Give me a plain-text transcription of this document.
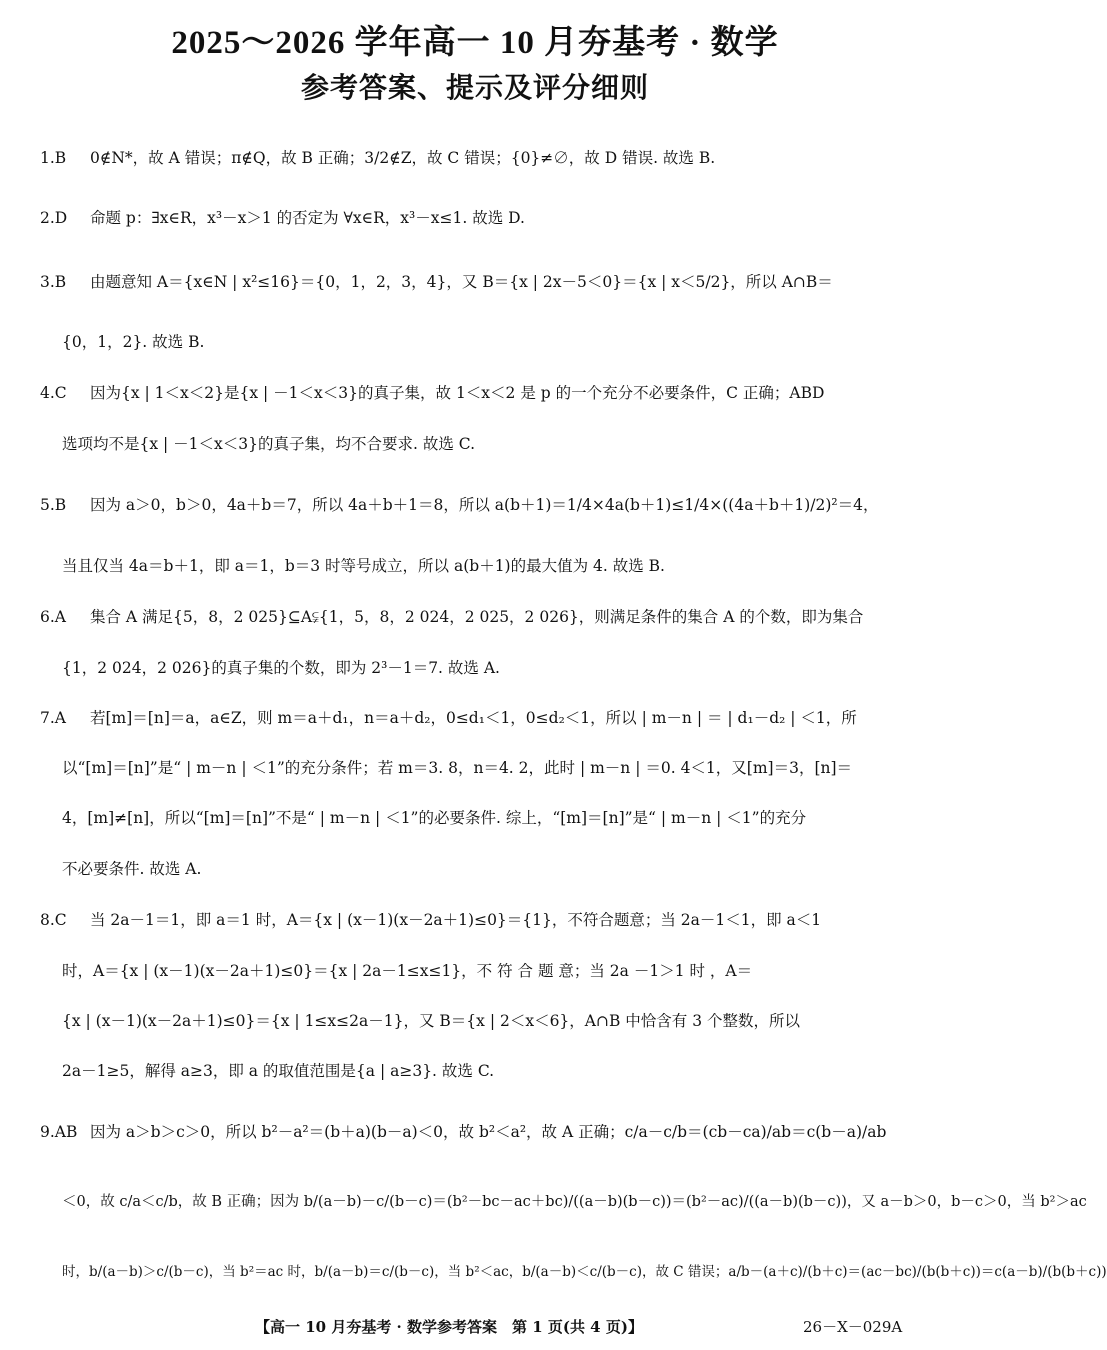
2025～2026 学年高一 10 月夯基考 · 数学
参考答案、提示及评分细则
1.B 0∉N*，故 A 错误；π∉Q，故 B 正确；3/2∉Z，故 C 错误；{0}≠∅，故 D 错误. 故选 B.
2.D 命题 p：∃x∈R，x³－x＞1 的否定为 ∀x∈R，x³－x≤1. 故选 D.
3.B 由题意知 A＝{x∈N | x²≤16}＝{0，1，2，3，4}，又 B＝{x | 2x－5＜0}＝{x | x＜5/2}，所以 A∩B＝
{0，1，2}. 故选 B.
4.C 因为{x | 1＜x＜2}是{x | －1＜x＜3}的真子集，故 1＜x＜2 是 p 的一个充分不必要条件，C 正确；ABD
选项均不是{x | －1＜x＜3}的真子集，均不合要求. 故选 C.
5.B 因为 a＞0，b＞0，4a＋b＝7，所以 4a＋b＋1＝8，所以 a(b＋1)＝1/4×4a(b＋1)≤1/4×((4a＋b＋1)/2)²＝4，
当且仅当 4a＝b＋1，即 a＝1，b＝3 时等号成立，所以 a(b＋1)的最大值为 4. 故选 B.
6.A 集合 A 满足{5，8，2 025}⊆A⫋{1，5，8，2 024，2 025，2 026}，则满足条件的集合 A 的个数，即为集合
{1，2 024，2 026}的真子集的个数，即为 2³－1＝7. 故选 A.
7.A 若[m]＝[n]＝a，a∈Z，则 m＝a＋d₁，n＝a＋d₂，0≤d₁＜1，0≤d₂＜1，所以 | m－n | ＝ | d₁－d₂ | ＜1，所
以“[m]＝[n]”是“ | m－n | ＜1”的充分条件；若 m＝3. 8，n＝4. 2，此时 | m－n | ＝0. 4＜1，又[m]＝3，[n]＝
4，[m]≠[n]，所以“[m]＝[n]”不是“ | m－n | ＜1”的必要条件. 综上，“[m]＝[n]”是“ | m－n | ＜1”的充分
不必要条件. 故选 A.
8.C 当 2a－1＝1，即 a＝1 时，A＝{x | (x－1)(x－2a＋1)≤0}＝{1}，不符合题意；当 2a－1＜1，即 a＜1
时，A＝{x | (x－1)(x－2a＋1)≤0}＝{x | 2a－1≤x≤1}，不 符 合 题 意；当 2a －1＞1 时 ，A＝
{x | (x－1)(x－2a＋1)≤0}＝{x | 1≤x≤2a－1}，又 B＝{x | 2＜x＜6}，A∩B 中恰含有 3 个整数，所以
2a－1≥5，解得 a≥3，即 a 的取值范围是{a | a≥3}. 故选 C.
9.AB 因为 a＞b＞c＞0，所以 b²－a²＝(b＋a)(b－a)＜0，故 b²＜a²，故 A 正确；c/a－c/b＝(cb－ca)/ab＝c(b－a)/ab
＜0，故 c/a＜c/b，故 B 正确；因为 b/(a－b)－c/(b－c)＝(b²－bc－ac＋bc)/((a－b)(b－c))＝(b²－ac)/((a－b)(b－c))，又 a－b＞0，b－c＞0，当 b²＞ac
时，b/(a－b)＞c/(b－c)，当 b²＝ac 时，b/(a－b)＝c/(b－c)，当 b²＜ac，b/(a－b)＜c/(b－c)，故 C 错误；a/b－(a＋c)/(b＋c)＝(ac－bc)/(b(b＋c))＝c(a－b)/(b(b＋c))
【高一 10 月夯基考 · 数学参考答案　第 1 页(共 4 页)】	26－X－029A
